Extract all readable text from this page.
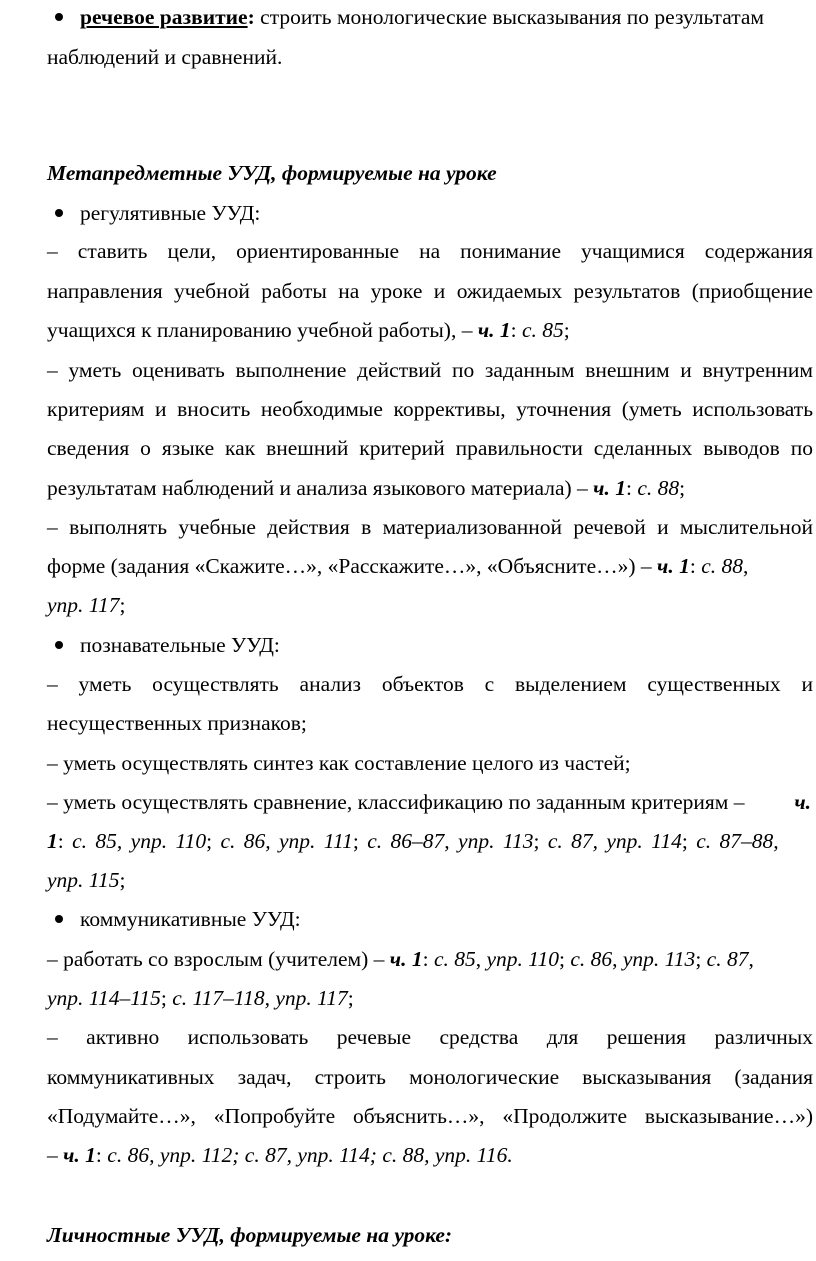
речевое развитие: строить монологические высказывания по результатам
наблюдений и сравнений.
Метапредметные УУД, формируемые на уроке
регулятивные УУД:
– ставить цели, ориентированные на понимание учащимися содержания
направления учебной работы на уроке и ожидаемых результатов (приобщение
учащихся к планированию учебной работы), – ч. 1: с. 85;
– уметь оценивать выполнение действий по заданным внешним и внутренним
критериям и вносить необходимые коррективы, уточнения (уметь использовать
сведения о языке как внешний критерий правильности сделанных выводов по
результатам наблюдений и анализа языкового материала) – ч. 1: с. 88;
– выполнять учебные действия в материализованной речевой и мыслительной
форме (задания «Скажите…», «Расскажите…», «Объясните…») – ч. 1: с. 88,
упр. 117;
познавательные УУД:
– уметь осуществлять анализ объектов с выделением существенных и
несущественных признаков;
– уметь осуществлять синтез как составление целого из частей;
– уметь осуществлять сравнение, классификацию по заданным критериям – ч.
1: с. 85, упр. 110; с. 86, упр. 111; с. 86–87, упр. 113; с. 87, упр. 114; с. 87–88,
упр. 115;
коммуникативные УУД:
– работать со взрослым (учителем) – ч. 1: с. 85, упр. 110; с. 86, упр. 113; с. 87,
упр. 114–115; с. 117–118, упр. 117;
– активно использовать речевые средства для решения различных
коммуникативных задач, строить монологические высказывания (задания
«Подумайте…», «Попробуйте объяснить…», «Продолжите высказывание…»)
– ч. 1: с. 86, упр. 112; с. 87, упр. 114; с. 88, упр. 116.
Личностные УУД, формируемые на уроке:
